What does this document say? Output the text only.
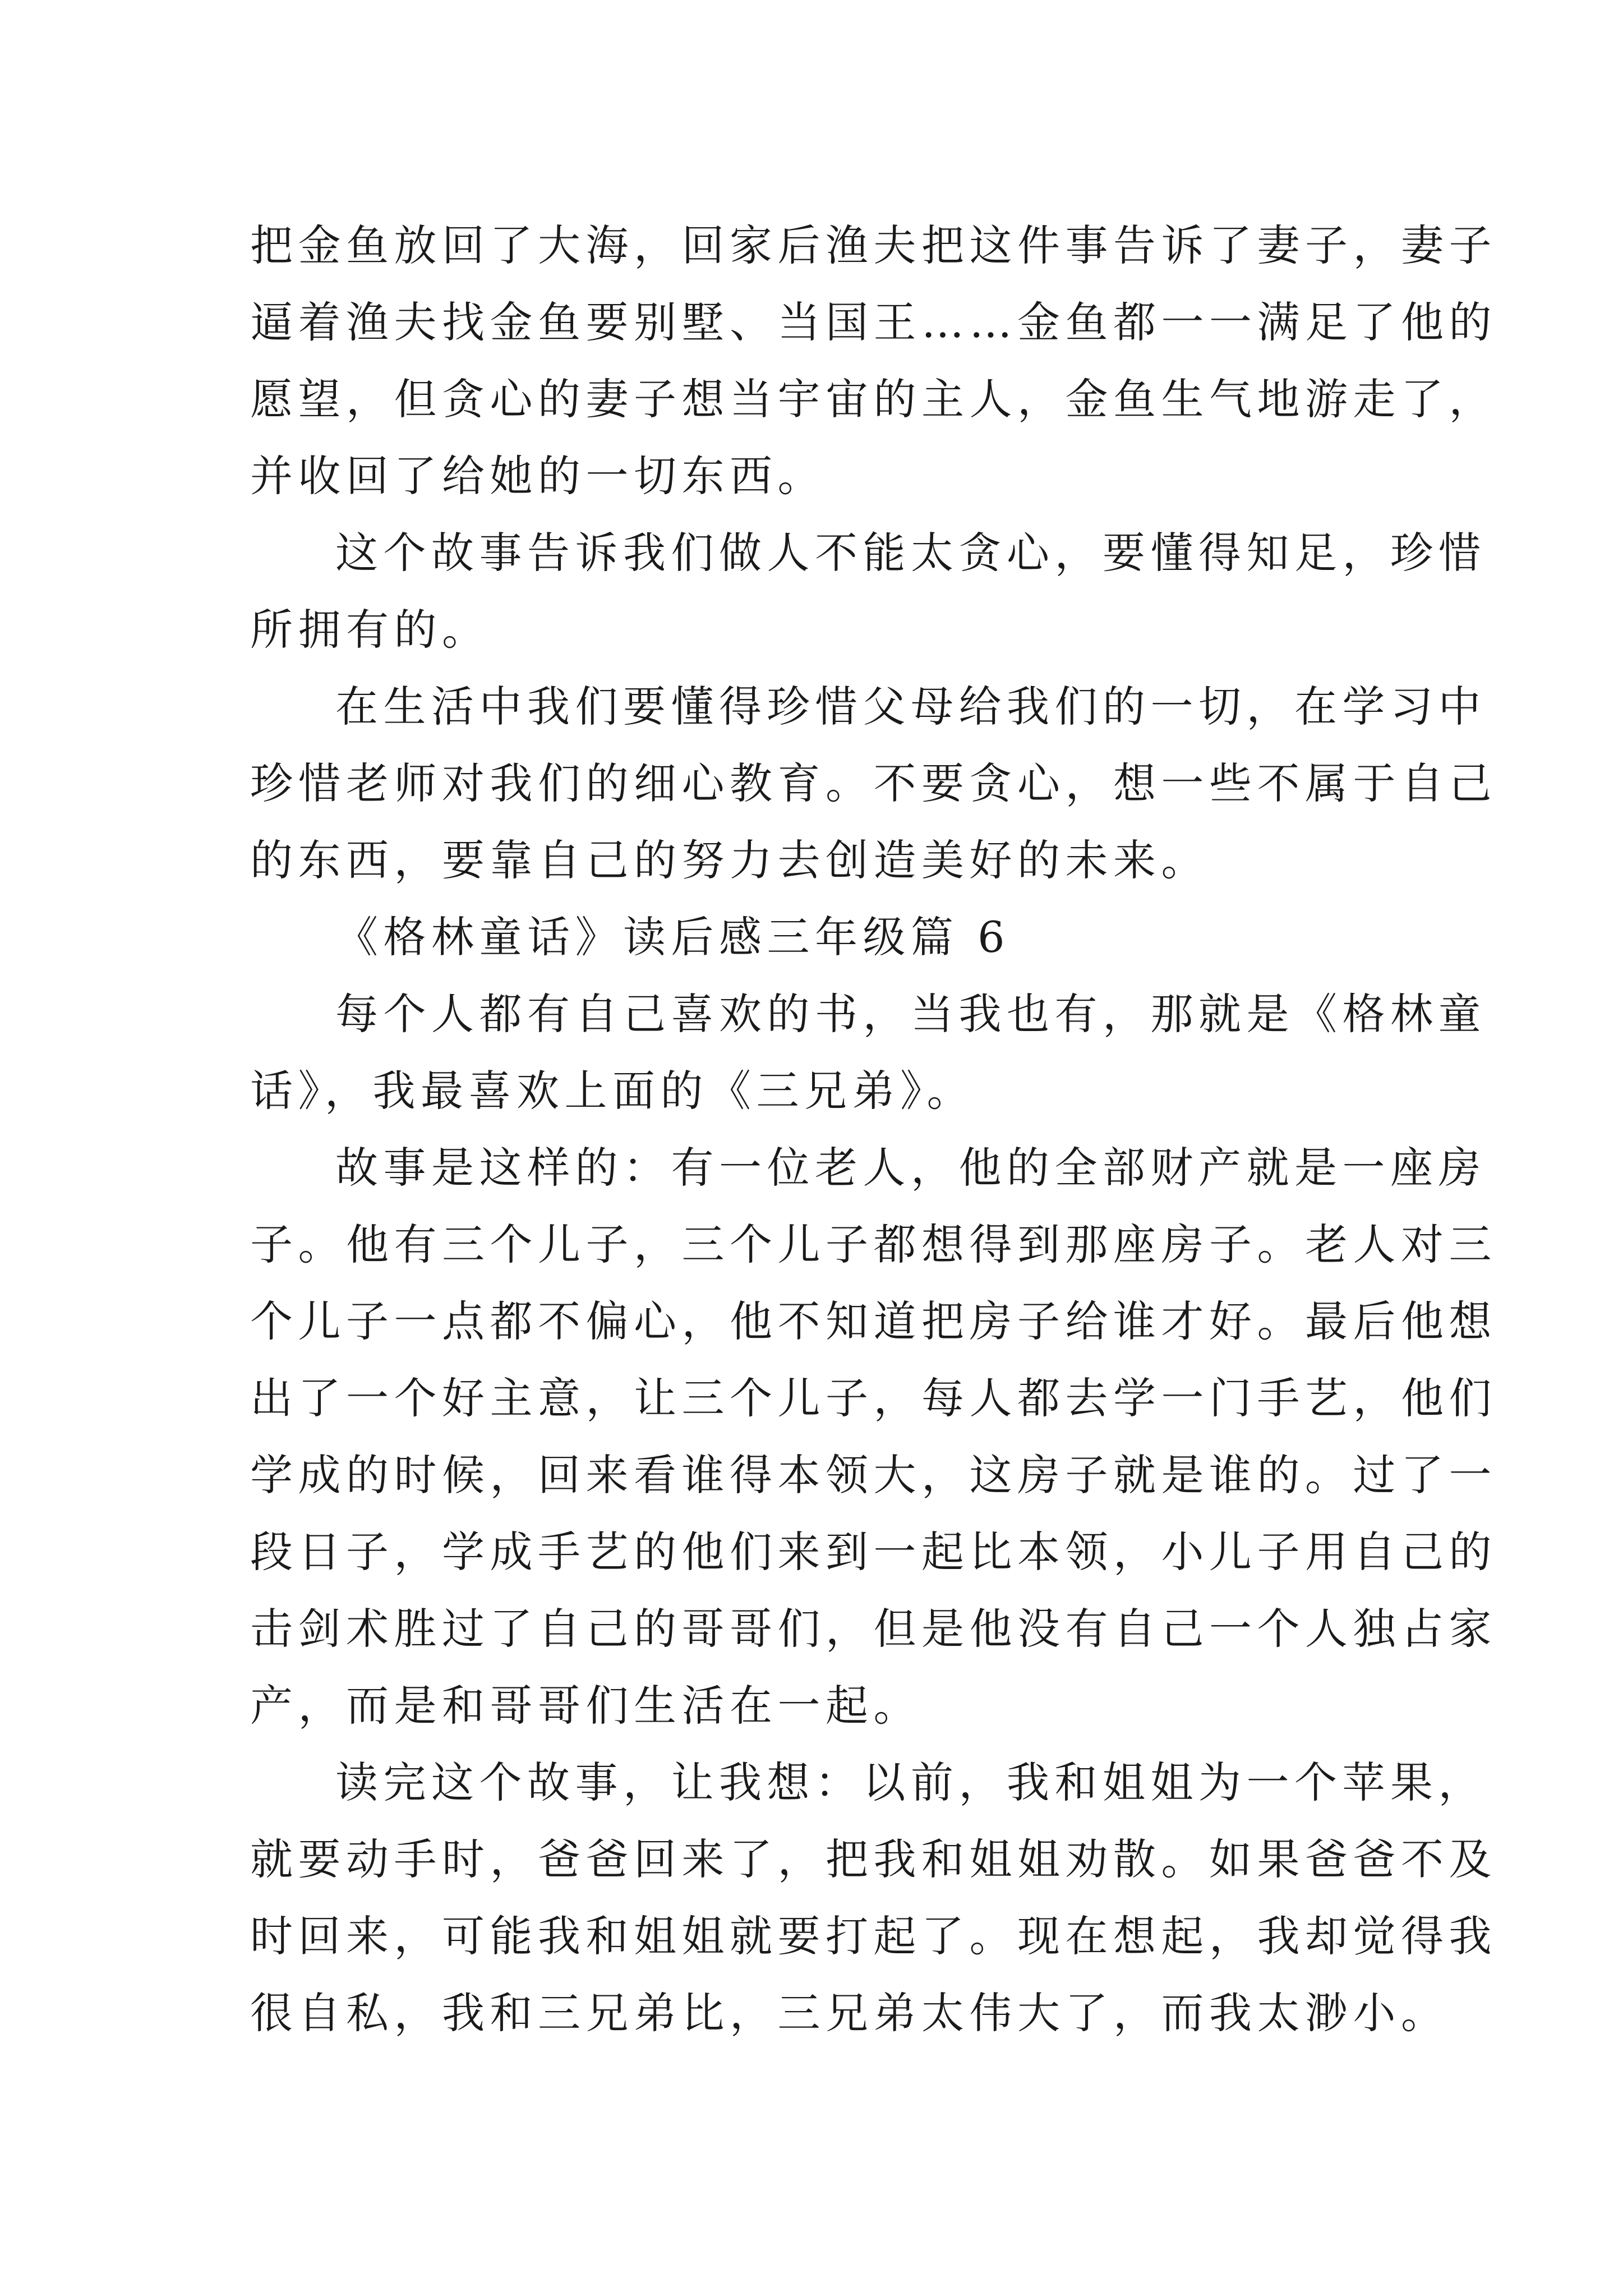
把金鱼放回了大海，回家后渔夫把这件事告诉了妻子，妻子
逼着渔夫找金鱼要别墅、当国王……金鱼都一一满足了他的
愿望，但贪心的妻子想当宇宙的主人，金鱼生气地游走了，
并收回了给她的一切东西。
这个故事告诉我们做人不能太贪心，要懂得知足，珍惜
所拥有的。
在生活中我们要懂得珍惜父母给我们的一切，在学习中
珍惜老师对我们的细心教育。不要贪心，想一些不属于自己
的东西，要靠自己的努力去创造美好的未来。
《格林童话》读后感三年级篇 6
每个人都有自己喜欢的书，当我也有，那就是《格林童
话》，我最喜欢上面的《三兄弟》。
故事是这样的：有一位老人，他的全部财产就是一座房
子。他有三个儿子，三个儿子都想得到那座房子。老人对三
个儿子一点都不偏心，他不知道把房子给谁才好。最后他想
出了一个好主意，让三个儿子，每人都去学一门手艺，他们
学成的时候，回来看谁得本领大，这房子就是谁的。过了一
段日子，学成手艺的他们来到一起比本领，小儿子用自己的
击剑术胜过了自己的哥哥们，但是他没有自己一个人独占家
产，而是和哥哥们生活在一起。
读完这个故事，让我想：以前，我和姐姐为一个苹果，
就要动手时，爸爸回来了，把我和姐姐劝散。如果爸爸不及
时回来，可能我和姐姐就要打起了。现在想起，我却觉得我
很自私，我和三兄弟比，三兄弟太伟大了，而我太渺小。
